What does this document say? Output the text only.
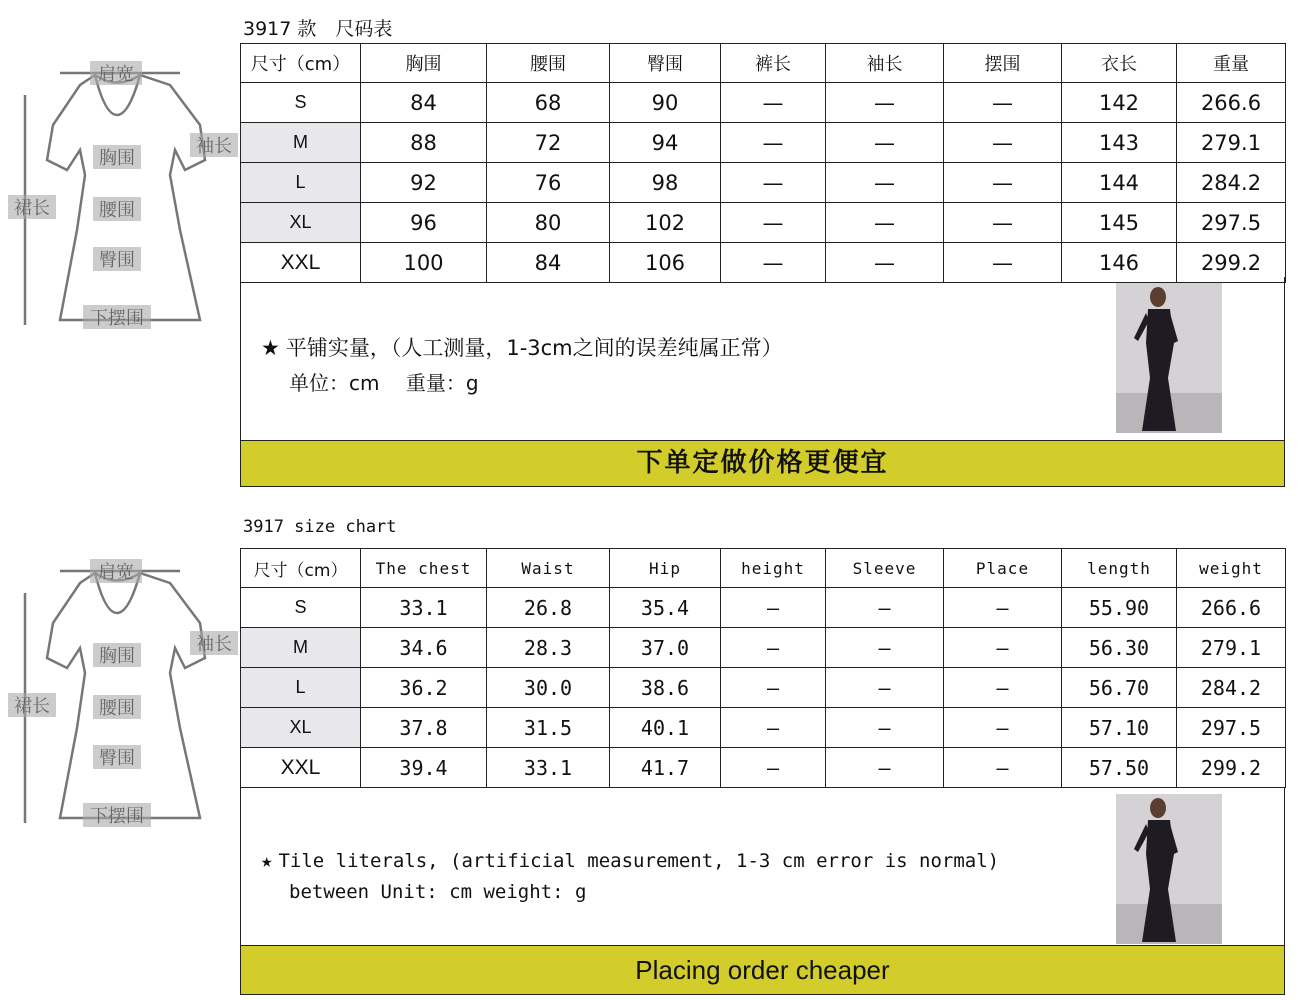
肩宽
袖长
胸围
裙长	腰围
臀围
下摆围
3917 款　尺码表
尺寸（cm）	胸围	腰围	臀围	裤长	袖长	摆围	衣长	重量
S	84	68	90	—	—	—	142	266.6
M	88	72	94	—	—	—	143	279.1
L	92	76	98	—	—	—	144	284.2
XL	96	80	102	—	—	—	145	297.5
XXL	100	84	106	—	—	—	146	299.2
★ 平铺实量，（人工测量，1-3cm之间的误差纯属正常）
单位：cm　 重量：g
下单定做价格更便宜
肩宽
袖长
胸围
裙长	腰围
臀围
下摆围
3917 size chart
尺寸（cm）	The chest	Waist	Hip	height	Sleeve	Place	length	weight
S	33.1	26.8	35.4	—	—	—	55.90	266.6
M	34.6	28.3	37.0	—	—	—	56.30	279.1
L	36.2	30.0	38.6	—	—	—	56.70	284.2
XL	37.8	31.5	40.1	—	—	—	57.10	297.5
XXL	39.4	33.1	41.7	—	—	—	57.50	299.2
★ Tile literals, (artificial measurement, 1-3 cm error is normal)
between Unit: cm weight: g
Placing order cheaper
